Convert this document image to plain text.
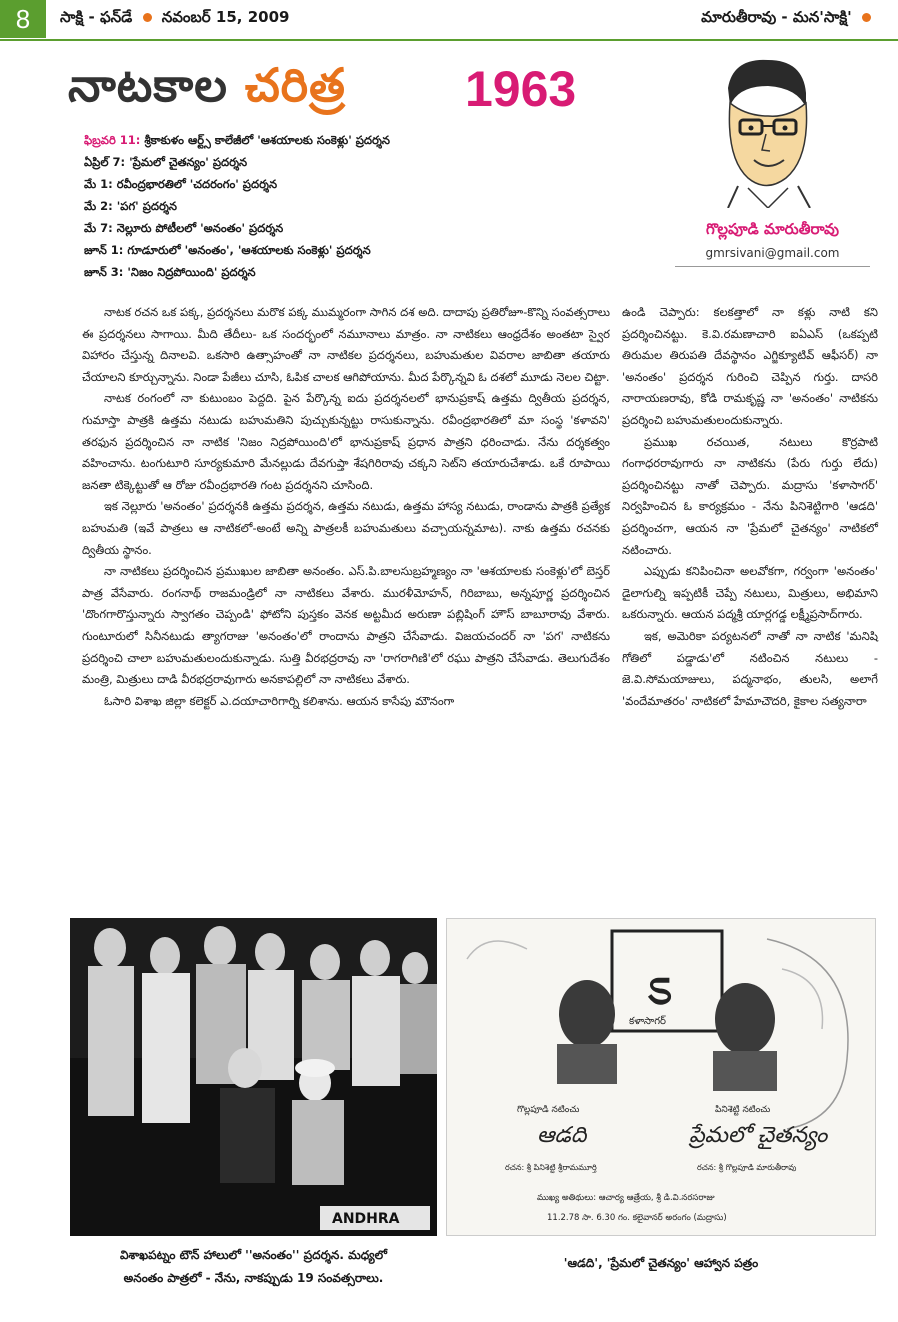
8	సాక్షి - ఫన్‌డే నవంబర్ 15, 2009	మారుతీరావు - మన'సాక్షి'
నాటకాల చరిత్ర 1963
గొల్లపూడి మారుతీరావు
gmrsivani@gmail.com
ఫిబ్రవరి 11: శ్రీకాకుళం ఆర్ట్స్ కాలేజీలో 'ఆశయాలకు సంకెళ్లు' ప్రదర్శన
ఏప్రిల్ 7: 'ప్రేమలో చైతన్యం' ప్రదర్శన
మే 1: రవీంద్రభారతిలో 'చదరంగం' ప్రదర్శన
మే 2: 'పగ' ప్రదర్శన
మే 7: నెల్లూరు పోటీలలో 'అనంతం' ప్రదర్శన
జూన్ 1: గూడూరులో 'అనంతం', 'ఆశయాలకు సంకెళ్లు' ప్రదర్శన
జూన్ 3: 'నిజం నిద్రపోయింది' ప్రదర్శన

నాటక రచన ఒక పక్క, ప్రదర్శనలు మరొక పక్క ముమ్మరంగా సాగిన దశ అది. దాదాపు ప్రతిరోజూ-కొన్ని సంవత్సరాలు ఈ ప్రదర్శనలు సాగాయి. మీది తేదీలు- ఒక సందర్భంలో నమూనాలు మాత్రం. నా నాటికలు ఆంధ్రదేశం అంతటా స్వైర విహారం చేస్తున్న దినాలవి. ఒకసారి ఉత్సాహంతో నా నాటికల ప్రదర్శనలు, బహుమతుల వివరాల జాబితా తయారు చేయాలని కూర్చున్నాను. నిండా పేజీలు చూసి, ఓపిక చాలక ఆగిపోయాను. మీద పేర్కొన్నవి ఓ దశలో మూడు నెలల చిట్టా.

నాటక రంగంలో నా కుటుంబం పెద్దది. పైన పేర్కొన్న ఐదు ప్రదర్శనలలో భానుప్రకాష్ ఉత్తమ ద్వితీయ ప్రదర్శన, గుమాస్తా పాత్రకి ఉత్తమ నటుడు బహుమతిని పుచ్చుకున్నట్టు రాసుకున్నాను. రవీంద్రభారతిలో మా సంస్థ 'కళావని' తరఫున ప్రదర్శించిన నా నాటిక 'నిజం నిద్రపోయింది'లో భానుప్రకాష్ ప్రధాన పాత్రని ధరించాడు. నేను దర్శకత్వం వహించాను. టంగుటూరి సూర్యకుమారి మేనల్లుడు దేవగుప్తా శేషగిరిరావు చక్కని సెట్‌ని తయారుచేశాడు. ఒకే రూపాయి జనతా టిక్కెట్టుతో ఆ రోజు రవీంద్రభారతి గంట ప్రదర్శనని చూసింది.

ఇక నెల్లూరు 'అనంతం' ప్రదర్శనకి ఉత్తమ ప్రదర్శన, ఉత్తమ నటుడు, ఉత్తమ హాస్య నటుడు, రాండాను పాత్రకి ప్రత్యేక బహుమతి (ఇవే పాత్రలు ఆ నాటికలో-అంటే అన్ని పాత్రలకీ బహుమతులు వచ్చాయన్నమాట). నాకు ఉత్తమ రచనకు ద్వితీయ స్థానం.

నా నాటికలు ప్రదర్శించిన ప్రముఖుల జాబితా అనంతం. ఎస్.పి.బాలసుబ్రహ్మణ్యం నా 'ఆశయాలకు సంకెళ్లు'లో బెస్తర్ పాత్ర వేసేవారు. రంగనాథ్ రాజమండ్రిలో నా నాటికలు వేశారు. మురళీమోహన్, గిరిబాబు, అన్నపూర్ణ ప్రదర్శించిన 'దొంగగారొస్తున్నారు స్వాగతం చెప్పండి' ఫోటోని పుస్తకం వెనక అట్టమీద అరుణా పబ్లిషింగ్ హౌస్ బాబూరావు వేశారు. గుంటూరులో సినీనటుడు త్యాగరాజు 'అనంతం'లో రాందాను పాత్రని చేసేవాడు. విజయచందర్ నా 'పగ' నాటికను ప్రదర్శించి చాలా బహుమతులందుకున్నాడు. సుత్తి వీరభద్రరావు నా 'రాగరాగిణి'లో రఘు పాత్రని చేసేవాడు. తెలుగుదేశం మంత్రి, మిత్రులు దాడి వీరభద్రరావుగారు అనకాపల్లిలో నా నాటికలు వేశారు.

ఓసారి విశాఖ జిల్లా కలెక్టర్ ఎ.దయాచారిగార్ని కలిశాను. ఆయన కాసేపు మౌనంగా

ఉండి చెప్పారు: కలకత్తాలో నా కళ్లు నాటి కని ప్రదర్శించినట్టు. కె.వి.రమణాచారి ఐఏఎస్ (ఒకప్పటి తిరుమల తిరుపతి దేవస్థానం ఎగ్జిక్యూటివ్ ఆఫీసర్) నా 'అనంతం' ప్రదర్శన గురించి చెప్పిన గుర్తు. దాసరి నారాయణరావు, కోడి రామకృష్ణ నా 'అనంతం' నాటికను ప్రదర్శించి బహుమతులందుకున్నారు.

ప్రముఖ రచయిత, నటులు కొర్రపాటి గంగాధరరావుగారు నా నాటికను (పేరు గుర్తు లేదు) ప్రదర్శించినట్టు నాతో చెప్పారు. మద్రాసు 'కళాసాగర్' నిర్వహించిన ఓ కార్యక్రమం - నేను పినిశెట్టిగారి 'ఆడది' ప్రదర్శించగా, ఆయన నా 'ప్రేమలో చైతన్యం' నాటికలో నటించారు.

ఎప్పుడు కనిపించినా అలవోకగా, గర్వంగా 'అనంతం' డైలాగుల్ని ఇప్పటికీ చెప్పే నటులు, మిత్రులు, అభిమాని ఒకరున్నారు. ఆయన పద్మశ్రీ యార్లగడ్డ లక్ష్మీప్రసాద్‌గారు.

ఇక, అమెరికా పర్యటనలో నాతో నా నాటిక 'మనిషి గోతిలో పడ్డాడు'లో నటించిన నటులు - జె.వి.సోమయాజులు, పద్మనాభం, తులసి, అలాగే 'వందేమాతరం' నాటికలో హేమాచౌదరి, కైకాల సత్యనారా

ANDHRA
విశాఖపట్నం టౌన్ హాలులో ''అనంతం'' ప్రదర్శన. మధ్యలో
అనంతం పాత్రలో - నేను, నాకప్పుడు 19 సంవత్సరాలు.
ಽ
కళాసాగర్
గొల్లపూడి నటించు	పినిశెట్టి నటించు
ఆడది	ప్రేమలో చైతన్యం
రచన: శ్రీ పినిశెట్టి శ్రీరామమూర్తి	రచన: శ్రీ గొల్లపూడి మారుతీరావు
ముఖ్య అతిథులు: ఆచార్య ఆత్రేయ, శ్రీ డి.వి.నరసరాజు
11.2.78 సా. 6.30 గం. కలైవానర్ అరంగం (మద్రాసు)
'ఆడది', 'ప్రేమలో చైతన్యం' ఆహ్వాన పత్రం
